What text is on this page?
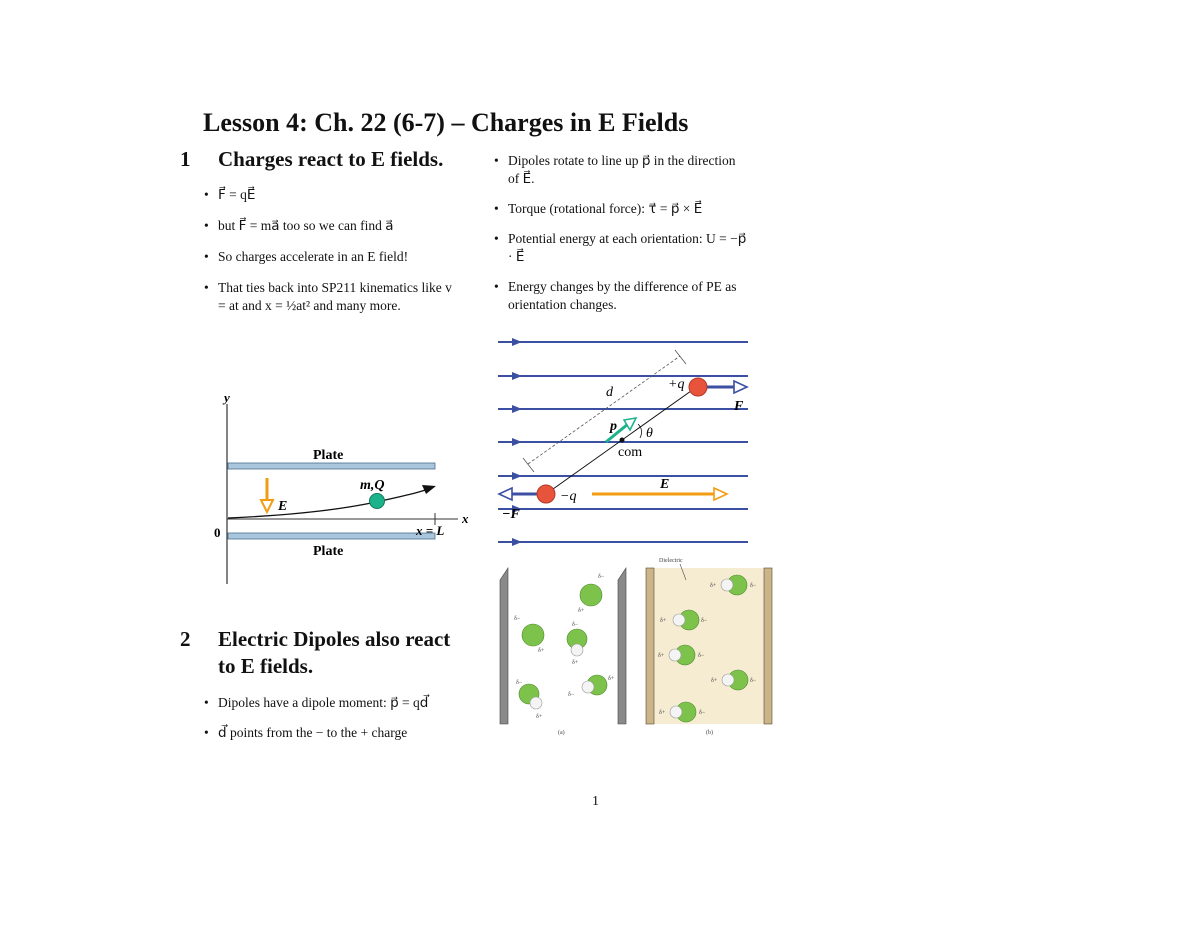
Lesson 4: Ch. 22 (6-7) – Charges in E Fields
1	Charges react to E fields.
• F⃗ = qE⃗
• but F⃗ = ma⃗ too so we can find a⃗
• So charges accelerate in an E field!
• That ties back into SP211 kinematics like v = at and x = ½at² and many more.
y
Plate
Plate
x
0	x = L
E⃗
m,Q
2	Electric Dipoles also react to E fields.
• Dipoles have a dipole moment: p⃗ = qd⃗
• d⃗ points from the − to the + charge
• Dipoles rotate to line up p⃗ in the direction of E⃗.
• Torque (rotational force): τ⃗ = p⃗ × E⃗
• Potential energy at each orientation: U = −p⃗ · E⃗
• Energy changes by the difference of PE as orientation changes.
d
p⃗ θ
com
F⃗
+q
−F⃗
−q
E⃗
δ−
δ+
δ−
δ+
δ−
δ+
δ−
δ+
δ−
δ+
(a)
Dielectric
δ+	δ−
δ+	δ−
δ+	δ−
δ+	δ−
δ+	δ−
(b)
1
